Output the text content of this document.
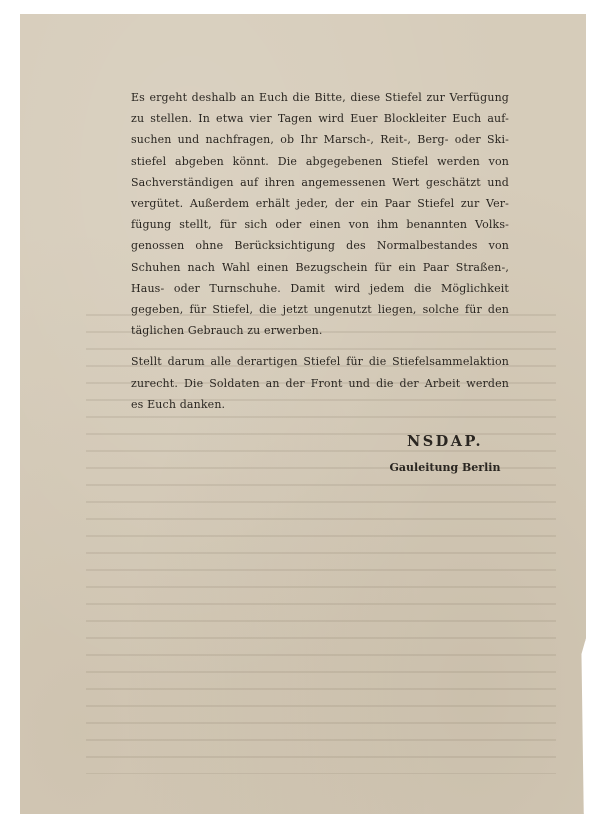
Es ergeht deshalb an Euch die Bitte, diese Stiefel zur Verfügung
zu stellen. In etwa vier Tagen wird Euer Blockleiter Euch auf-
suchen und nachfragen, ob Ihr Marsch-, Reit-, Berg- oder Ski-
stiefel abgeben könnt. Die abgegebenen Stiefel werden von
Sachverständigen auf ihren angemessenen Wert geschätzt und
vergütet. Außerdem erhält jeder, der ein Paar Stiefel zur Ver-
fügung stellt, für sich oder einen von ihm benannten Volks-
genossen ohne Berücksichtigung des Normalbestandes von
Schuhen nach Wahl einen Bezugschein für ein Paar Straßen-,
Haus- oder Turnschuhe. Damit wird jedem die Möglichkeit
gegeben, für Stiefel, die jetzt ungenutzt liegen, solche für den
täglichen Gebrauch zu erwerben.

Stellt darum alle derartigen Stiefel für die Stiefelsammelaktion
zurecht. Die Soldaten an der Front und die der Arbeit werden
es Euch danken.

NSDAP.
Gauleitung Berlin
